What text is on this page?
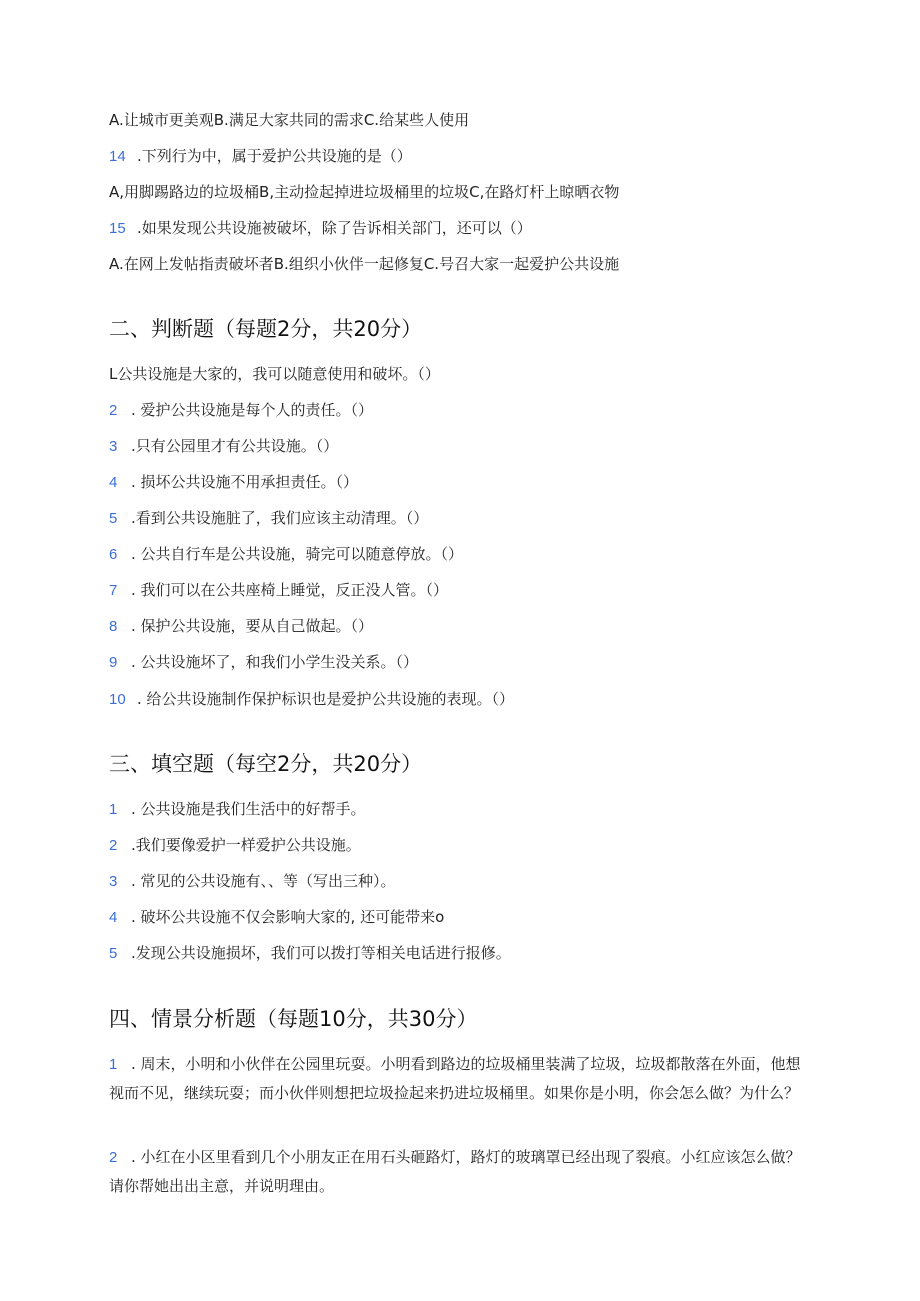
A.让城市更美观B.满足大家共同的需求C.给某些人使用
14 .下列行为中，属于爱护公共设施的是（）
A,用脚踢路边的垃圾桶B,主动捡起掉进垃圾桶里的垃圾C,在路灯杆上晾晒衣物
15 .如果发现公共设施被破坏，除了告诉相关部门，还可以（）
A.在网上发帖指责破坏者B.组织小伙伴一起修复C.号召大家一起爱护公共设施
二、判断题（每题2分，共20分）
L公共设施是大家的，我可以随意使用和破坏。（）
2 . 爱护公共设施是每个人的责任。（）
3 .只有公园里才有公共设施。（）
4 . 损坏公共设施不用承担责任。（）
5 .看到公共设施脏了，我们应该主动清理。（）
6 . 公共自行车是公共设施，骑完可以随意停放。（）
7 . 我们可以在公共座椅上睡觉，反正没人管。（）
8 . 保护公共设施，要从自己做起。（）
9 . 公共设施坏了，和我们小学生没关系。（）
10 . 给公共设施制作保护标识也是爱护公共设施的表现。（）
三、填空题（每空2分，共20分）
1 . 公共设施是我们生活中的好帮手。
2 .我们要像爱护一样爱护公共设施。
3 . 常见的公共设施有、、等（写出三种）。
4 . 破坏公共设施不仅会影响大家的, 还可能带来o
5 .发现公共设施损坏，我们可以拨打等相关电话进行报修。
四、情景分析题（每题10分，共30分）
1 . 周末，小明和小伙伴在公园里玩耍。小明看到路边的垃圾桶里装满了垃圾，垃圾都散落在外面，他想视而不见，继续玩耍；而小伙伴则想把垃圾捡起来扔进垃圾桶里。如果你是小明，你会怎么做？为什么？
2 . 小红在小区里看到几个小朋友正在用石头砸路灯，路灯的玻璃罩已经出现了裂痕。小红应该怎么做？请你帮她出出主意，并说明理由。
